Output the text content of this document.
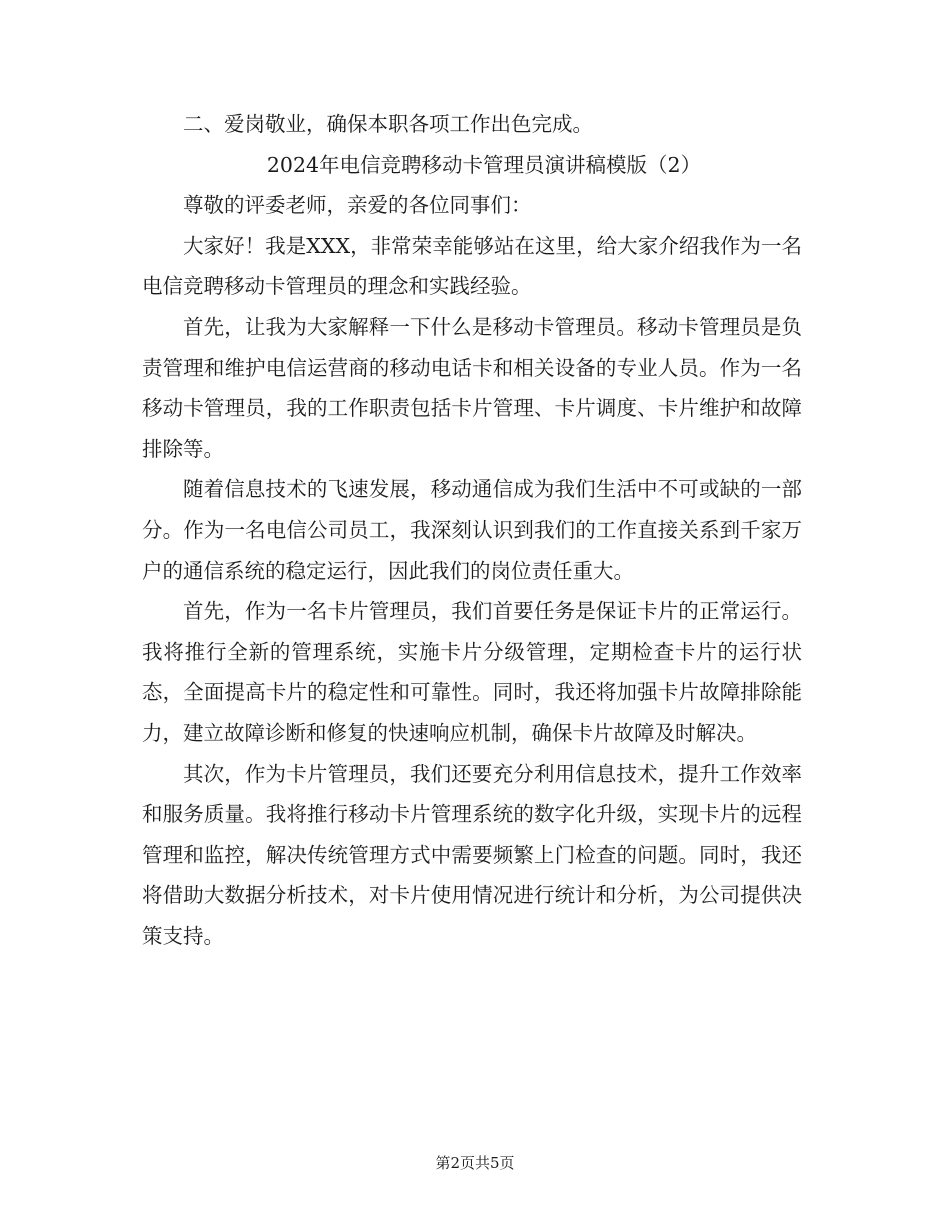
二、爱岗敬业，确保本职各项工作出色完成。

2024年电信竞聘移动卡管理员演讲稿模版（2）

尊敬的评委老师，亲爱的各位同事们：

大家好！我是XXX，非常荣幸能够站在这里，给大家介绍我作为一名电信竞聘移动卡管理员的理念和实践经验。

首先，让我为大家解释一下什么是移动卡管理员。移动卡管理员是负责管理和维护电信运营商的移动电话卡和相关设备的专业人员。作为一名移动卡管理员，我的工作职责包括卡片管理、卡片调度、卡片维护和故障排除等。

随着信息技术的飞速发展，移动通信成为我们生活中不可或缺的一部分。作为一名电信公司员工，我深刻认识到我们的工作直接关系到千家万户的通信系统的稳定运行，因此我们的岗位责任重大。

首先，作为一名卡片管理员，我们首要任务是保证卡片的正常运行。我将推行全新的管理系统，实施卡片分级管理，定期检查卡片的运行状态，全面提高卡片的稳定性和可靠性。同时，我还将加强卡片故障排除能力，建立故障诊断和修复的快速响应机制，确保卡片故障及时解决。

其次，作为卡片管理员，我们还要充分利用信息技术，提升工作效率和服务质量。我将推行移动卡片管理系统的数字化升级，实现卡片的远程管理和监控，解决传统管理方式中需要频繁上门检查的问题。同时，我还将借助大数据分析技术，对卡片使用情况进行统计和分析，为公司提供决策支持。

第2页共5页
